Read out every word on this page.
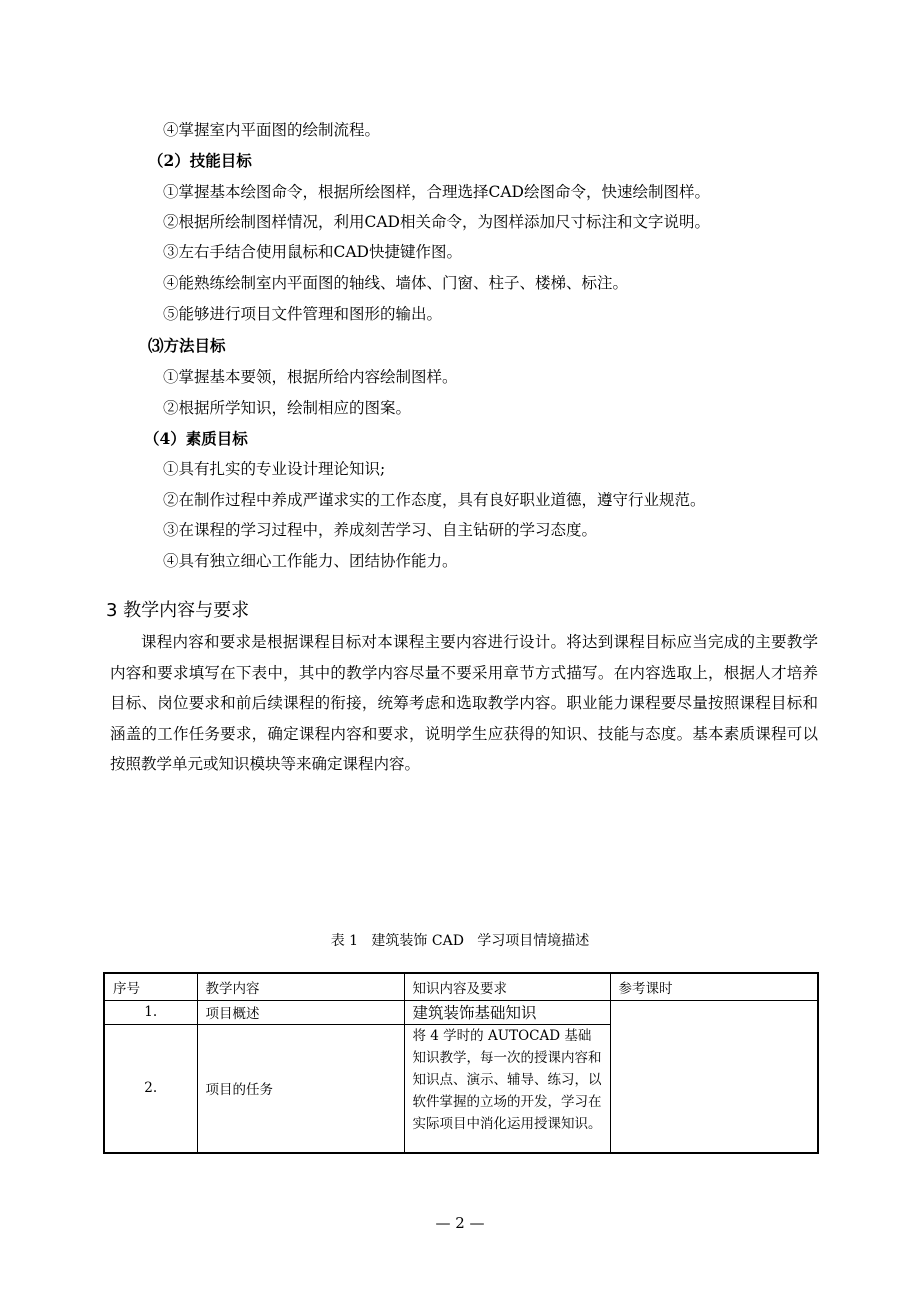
④掌握室内平面图的绘制流程。
（2）技能目标
①掌握基本绘图命令，根据所绘图样，合理选择CAD绘图命令，快速绘制图样。
②根据所绘制图样情况，利用CAD相关命令，为图样添加尺寸标注和文字说明。
③左右手结合使用鼠标和CAD快捷键作图。
④能熟练绘制室内平面图的轴线、墙体、门窗、柱子、楼梯、标注。
⑤能够进行项目文件管理和图形的输出。
⑶方法目标
①掌握基本要领，根据所给内容绘制图样。
②根据所学知识，绘制相应的图案。
（4）素质目标
①具有扎实的专业设计理论知识;
②在制作过程中养成严谨求实的工作态度，具有良好职业道德，遵守行业规范。
③在课程的学习过程中，养成刻苦学习、自主钻研的学习态度。
④具有独立细心工作能力、团结协作能力。
3 教学内容与要求
课程内容和要求是根据课程目标对本课程主要内容进行设计。将达到课程目标应当完成的主要教学内容和要求填写在下表中，其中的教学内容尽量不要采用章节方式描写。在内容选取上，根据人才培养目标、岗位要求和前后续课程的衔接，统筹考虑和选取教学内容。职业能力课程要尽量按照课程目标和涵盖的工作任务要求，确定课程内容和要求，说明学生应获得的知识、技能与态度。基本素质课程可以按照教学单元或知识模块等来确定课程内容。
表 1   建筑装饰 CAD   学习项目情境描述
序号	教学内容	知识内容及要求	参考课时
1.	项目概述	建筑装饰基础知识	
2.	项目的任务	将 4 学时的 AUTOCAD 基础知识教学，每一次的授课内容和知识点、演示、辅导、练习，以软件掌握的立场的开发，学习在实际项目中消化运用授课知识。	
— 2 —
